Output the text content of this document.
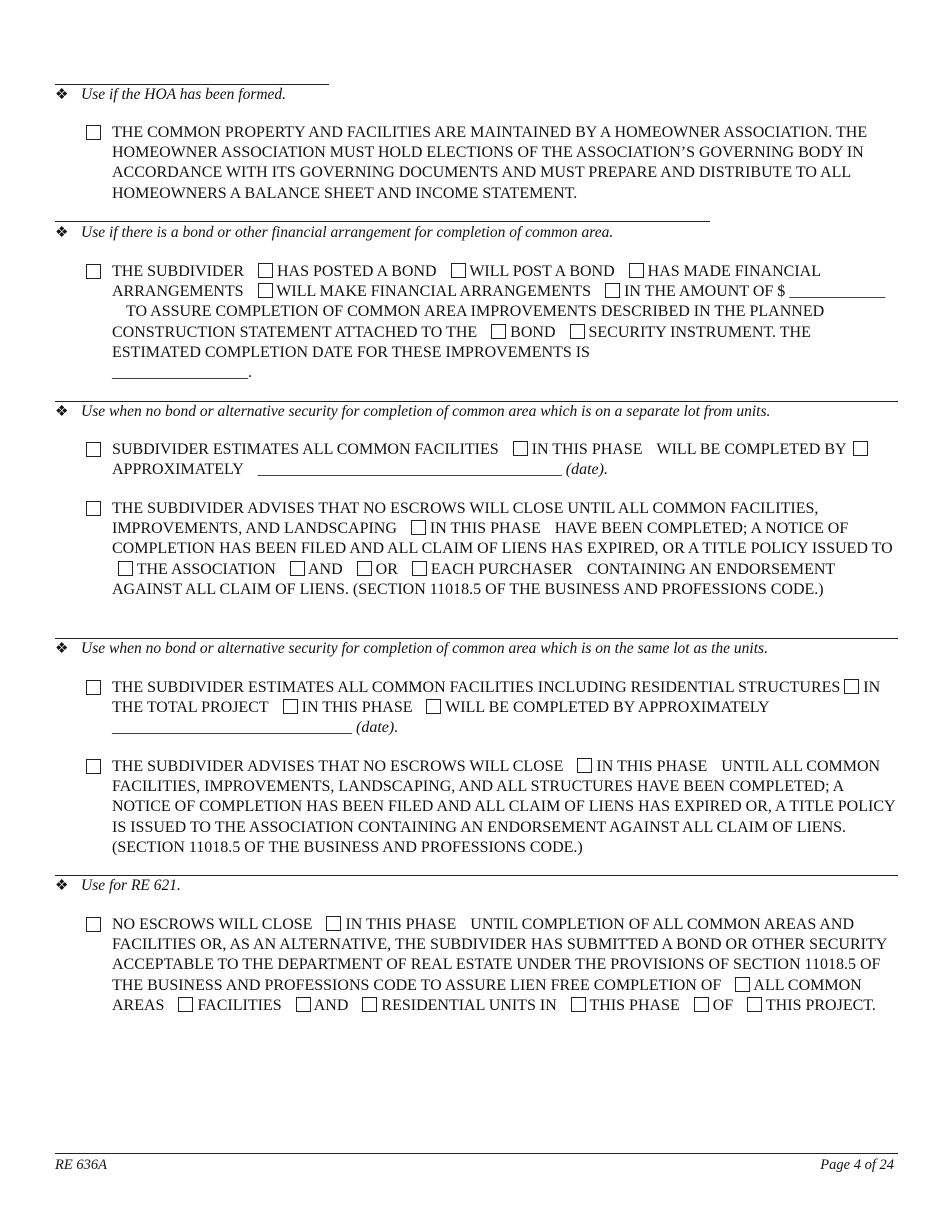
❖ Use if the HOA has been formed.
THE COMMON PROPERTY AND FACILITIES ARE MAINTAINED BY A HOMEOWNER ASSOCIATION. THE HOMEOWNER ASSOCIATION MUST HOLD ELECTIONS OF THE ASSOCIATION’S GOVERNING BODY IN ACCORDANCE WITH ITS GOVERNING DOCUMENTS AND MUST PREPARE AND DISTRIBUTE TO ALL HOMEOWNERS A BALANCE SHEET AND INCOME STATEMENT.
❖ Use if there is a bond or other financial arrangement for completion of common area.
THE SUBDIVIDER HAS POSTED A BOND WILL POST A BOND HAS MADE FINANCIAL ARRANGEMENTS WILL MAKE FINANCIAL ARRANGEMENTS IN THE AMOUNT OF $ ____________TO ASSURE COMPLETION OF COMMON AREA IMPROVEMENTS DESCRIBED IN THE PLANNED CONSTRUCTION STATEMENT ATTACHED TO THE BOND SECURITY INSTRUMENT. THE ESTIMATED COMPLETION DATE FOR THESE IMPROVEMENTS IS
_________________.
❖ Use when no bond or alternative security for completion of common area which is on a separate lot from units.
SUBDIVIDER ESTIMATES ALL COMMON FACILITIES IN THIS PHASE WILL BE COMPLETED BY APPROXIMATELY ______________________________________ (date).
THE SUBDIVIDER ADVISES THAT NO ESCROWS WILL CLOSE UNTIL ALL COMMON FACILITIES, IMPROVEMENTS, AND LANDSCAPING IN THIS PHASE HAVE BEEN COMPLETED; A NOTICE OF COMPLETION HAS BEEN FILED AND ALL CLAIM OF LIENS HAS EXPIRED, OR A TITLE POLICY ISSUED TO THE ASSOCIATION AND OR EACH PURCHASER CONTAINING AN ENDORSEMENT AGAINST ALL CLAIM OF LIENS. (SECTION 11018.5 OF THE BUSINESS AND PROFESSIONS CODE.)
❖ Use when no bond or alternative security for completion of common area which is on the same lot as the units.
THE SUBDIVIDER ESTIMATES ALL COMMON FACILITIES INCLUDING RESIDENTIAL STRUCTURES IN THE TOTAL PROJECT IN THIS PHASE WILL BE COMPLETED BY APPROXIMATELY ______________________________ (date).
THE SUBDIVIDER ADVISES THAT NO ESCROWS WILL CLOSE IN THIS PHASE UNTIL ALL COMMON FACILITIES, IMPROVEMENTS, LANDSCAPING, AND ALL STRUCTURES HAVE BEEN COMPLETED; A NOTICE OF COMPLETION HAS BEEN FILED AND ALL CLAIM OF LIENS HAS EXPIRED OR, A TITLE POLICY IS ISSUED TO THE ASSOCIATION CONTAINING AN ENDORSEMENT AGAINST ALL CLAIM OF LIENS. (SECTION 11018.5 OF THE BUSINESS AND PROFESSIONS CODE.)
❖ Use for RE 621.
NO ESCROWS WILL CLOSE IN THIS PHASE UNTIL COMPLETION OF ALL COMMON AREAS AND FACILITIES OR, AS AN ALTERNATIVE, THE SUBDIVIDER HAS SUBMITTED A BOND OR OTHER SECURITY ACCEPTABLE TO THE DEPARTMENT OF REAL ESTATE UNDER THE PROVISIONS OF SECTION 11018.5 OF THE BUSINESS AND PROFESSIONS CODE TO ASSURE LIEN FREE COMPLETION OF ALL COMMON AREAS FACILITIES AND RESIDENTIAL UNITS IN THIS PHASE OF THIS PROJECT.
RE 636A	Page 4 of 24
